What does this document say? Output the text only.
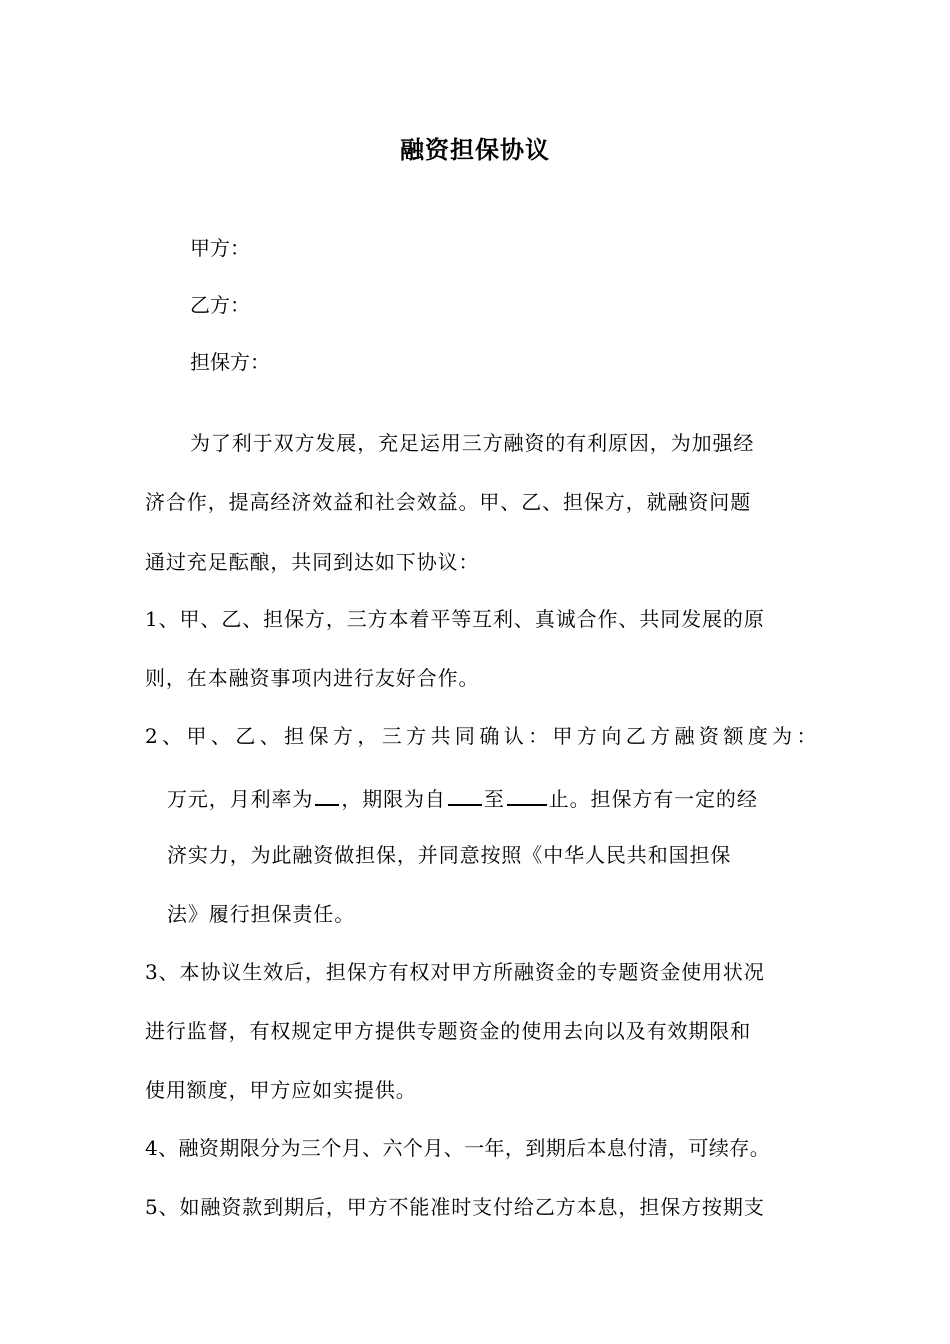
融资担保协议
甲方：
乙方：
担保方：
为了利于双方发展，充足运用三方融资的有利原因，为加强经
济合作，提高经济效益和社会效益。甲、乙、担保方，就融资问题
通过充足酝酿，共同到达如下协议：
1、甲、乙、担保方，三方本着平等互利、真诚合作、共同发展的原
则，在本融资事项内进行友好合作。
2、甲、乙、担保方，三方共同确认：甲方向乙方融资额度为：
万元，月利率为 ，期限为自 至 止。担保方有一定的经
济实力，为此融资做担保，并同意按照《中华人民共和国担保
法》履行担保责任。
3、本协议生效后，担保方有权对甲方所融资金的专题资金使用状况
进行监督，有权规定甲方提供专题资金的使用去向以及有效期限和
使用额度，甲方应如实提供。
4、融资期限分为三个月、六个月、一年，到期后本息付清，可续存。
5、如融资款到期后，甲方不能准时支付给乙方本息，担保方按期支
